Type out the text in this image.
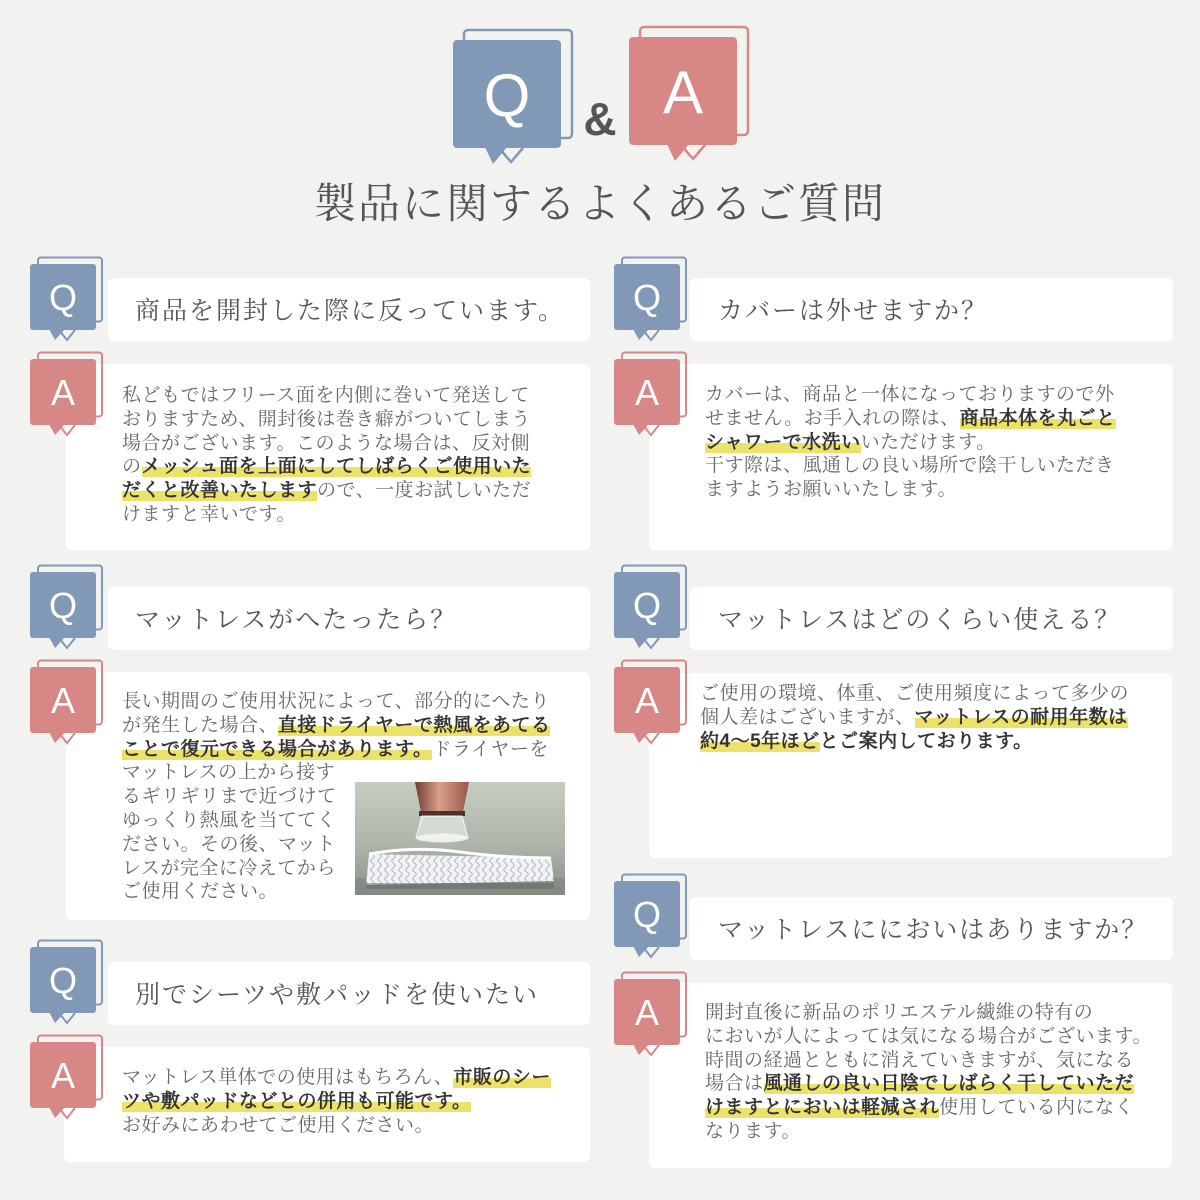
Q	& A
製品に関するよくあるご質問
Q 商品を開封した際に反っています。
A 私どもではフリース面を内側に巻いて発送して
おりますため、開封後は巻き癖がついてしまう
場合がございます。このような場合は、反対側
のメッシュ面を上面にしてしばらくご使用いた
だくと改善いたしますので、一度お試しいただ
けますと幸いです。
Q マットレスがへたったら？
A 長い期間のご使用状況によって、部分的にへたり
が発生した場合、直接ドライヤーで熱風をあてる
ことで復元できる場合があります。ドライヤーを
マットレスの上から接す
るギリギリまで近づけて
ゆっくり熱風を当ててく
ださい。その後、マット
レスが完全に冷えてから
ご使用ください。
Q 別でシーツや敷パッドを使いたい
A マットレス単体での使用はもちろん、市販のシー
ツや敷パッドなどとの併用も可能です。
お好みにあわせてご使用ください。
Q カバーは外せますか？
A カバーは、商品と一体になっておりますので外
せません。お手入れの際は、商品本体を丸ごと
シャワーで水洗いいただけます。
干す際は、風通しの良い場所で陰干しいただき
ますようお願いいたします。
Q マットレスはどのくらい使える？
A ご使用の環境、体重、ご使用頻度によって多少の
個人差はございますが、マットレスの耐用年数は
約4〜5年ほどとご案内しております。
Q マットレスににおいはありますか？
A 開封直後に新品のポリエステル繊維の特有の
においが人によっては気になる場合がございます。
時間の経過とともに消えていきますが、気になる
場合は風通しの良い日陰でしばらく干していただ
けますとにおいは軽減され使用している内になく
なります。
